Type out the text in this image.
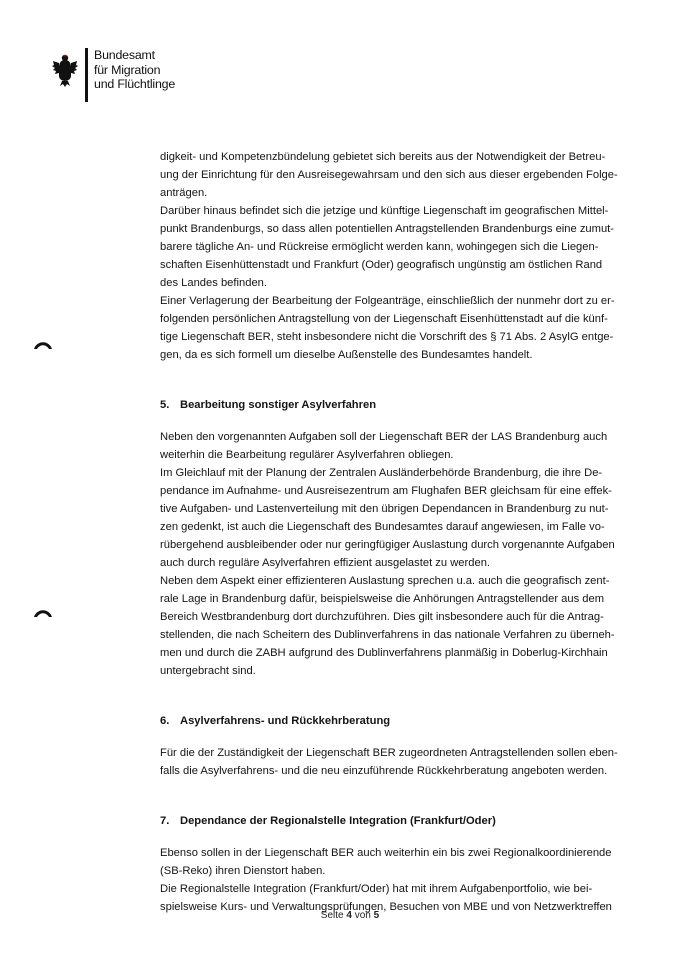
Bundesamt
für Migration
und Flüchtlinge

digkeit- und Kompetenzbündelung gebietet sich bereits aus der Notwendigkeit der Betreu-
ung der Einrichtung für den Ausreisegewahrsam und den sich aus dieser ergebenden Folge-
anträgen.

Darüber hinaus befindet sich die jetzige und künftige Liegenschaft im geografischen Mittel-
punkt Brandenburgs, so dass allen potentiellen Antragstellenden Brandenburgs eine zumut-
barere tägliche An- und Rückreise ermöglicht werden kann, wohingegen sich die Liegen-
schaften Eisenhüttenstadt und Frankfurt (Oder) geografisch ungünstig am östlichen Rand
des Landes befinden.

Einer Verlagerung der Bearbeitung der Folgeanträge, einschließlich der nunmehr dort zu er-
folgenden persönlichen Antragstellung von der Liegenschaft Eisenhüttenstadt auf die künf-
tige Liegenschaft BER, steht insbesondere nicht die Vorschrift des § 71 Abs. 2 AsylG entge-
gen, da es sich formell um dieselbe Außenstelle des Bundesamtes handelt.

5. Bearbeitung sonstiger Asylverfahren

Neben den vorgenannten Aufgaben soll der Liegenschaft BER der LAS Brandenburg auch
weiterhin die Bearbeitung regulärer Asylverfahren obliegen.

Im Gleichlauf mit der Planung der Zentralen Ausländerbehörde Brandenburg, die ihre De-
pendance im Aufnahme- und Ausreisezentrum am Flughafen BER gleichsam für eine effek-
tive Aufgaben- und Lastenverteilung mit den übrigen Dependancen in Brandenburg zu nut-
zen gedenkt, ist auch die Liegenschaft des Bundesamtes darauf angewiesen, im Falle vo-
rübergehend ausbleibender oder nur geringfügiger Auslastung durch vorgenannte Aufgaben
auch durch reguläre Asylverfahren effizient ausgelastet zu werden.

Neben dem Aspekt einer effizienteren Auslastung sprechen u.a. auch die geografisch zent-
rale Lage in Brandenburg dafür, beispielsweise die Anhörungen Antragstellender aus dem
Bereich Westbrandenburg dort durchzuführen. Dies gilt insbesondere auch für die Antrag-
stellenden, die nach Scheitern des Dublinverfahrens in das nationale Verfahren zu überneh-
men und durch die ZABH aufgrund des Dublinverfahrens planmäßig in Doberlug-Kirchhain
untergebracht sind.

6. Asylverfahrens- und Rückkehrberatung

Für die der Zuständigkeit der Liegenschaft BER zugeordneten Antragstellenden sollen eben-
falls die Asylverfahrens- und die neu einzuführende Rückkehrberatung angeboten werden.

7. Dependance der Regionalstelle Integration (Frankfurt/Oder)

Ebenso sollen in der Liegenschaft BER auch weiterhin ein bis zwei Regionalkoordinierende
(SB-Reko) ihren Dienstort haben.

Die Regionalstelle Integration (Frankfurt/Oder) hat mit ihrem Aufgabenportfolio, wie bei-
spielsweise Kurs- und Verwaltungsprüfungen, Besuchen von MBE und von Netzwerktreffen

Seite 4 von 5
